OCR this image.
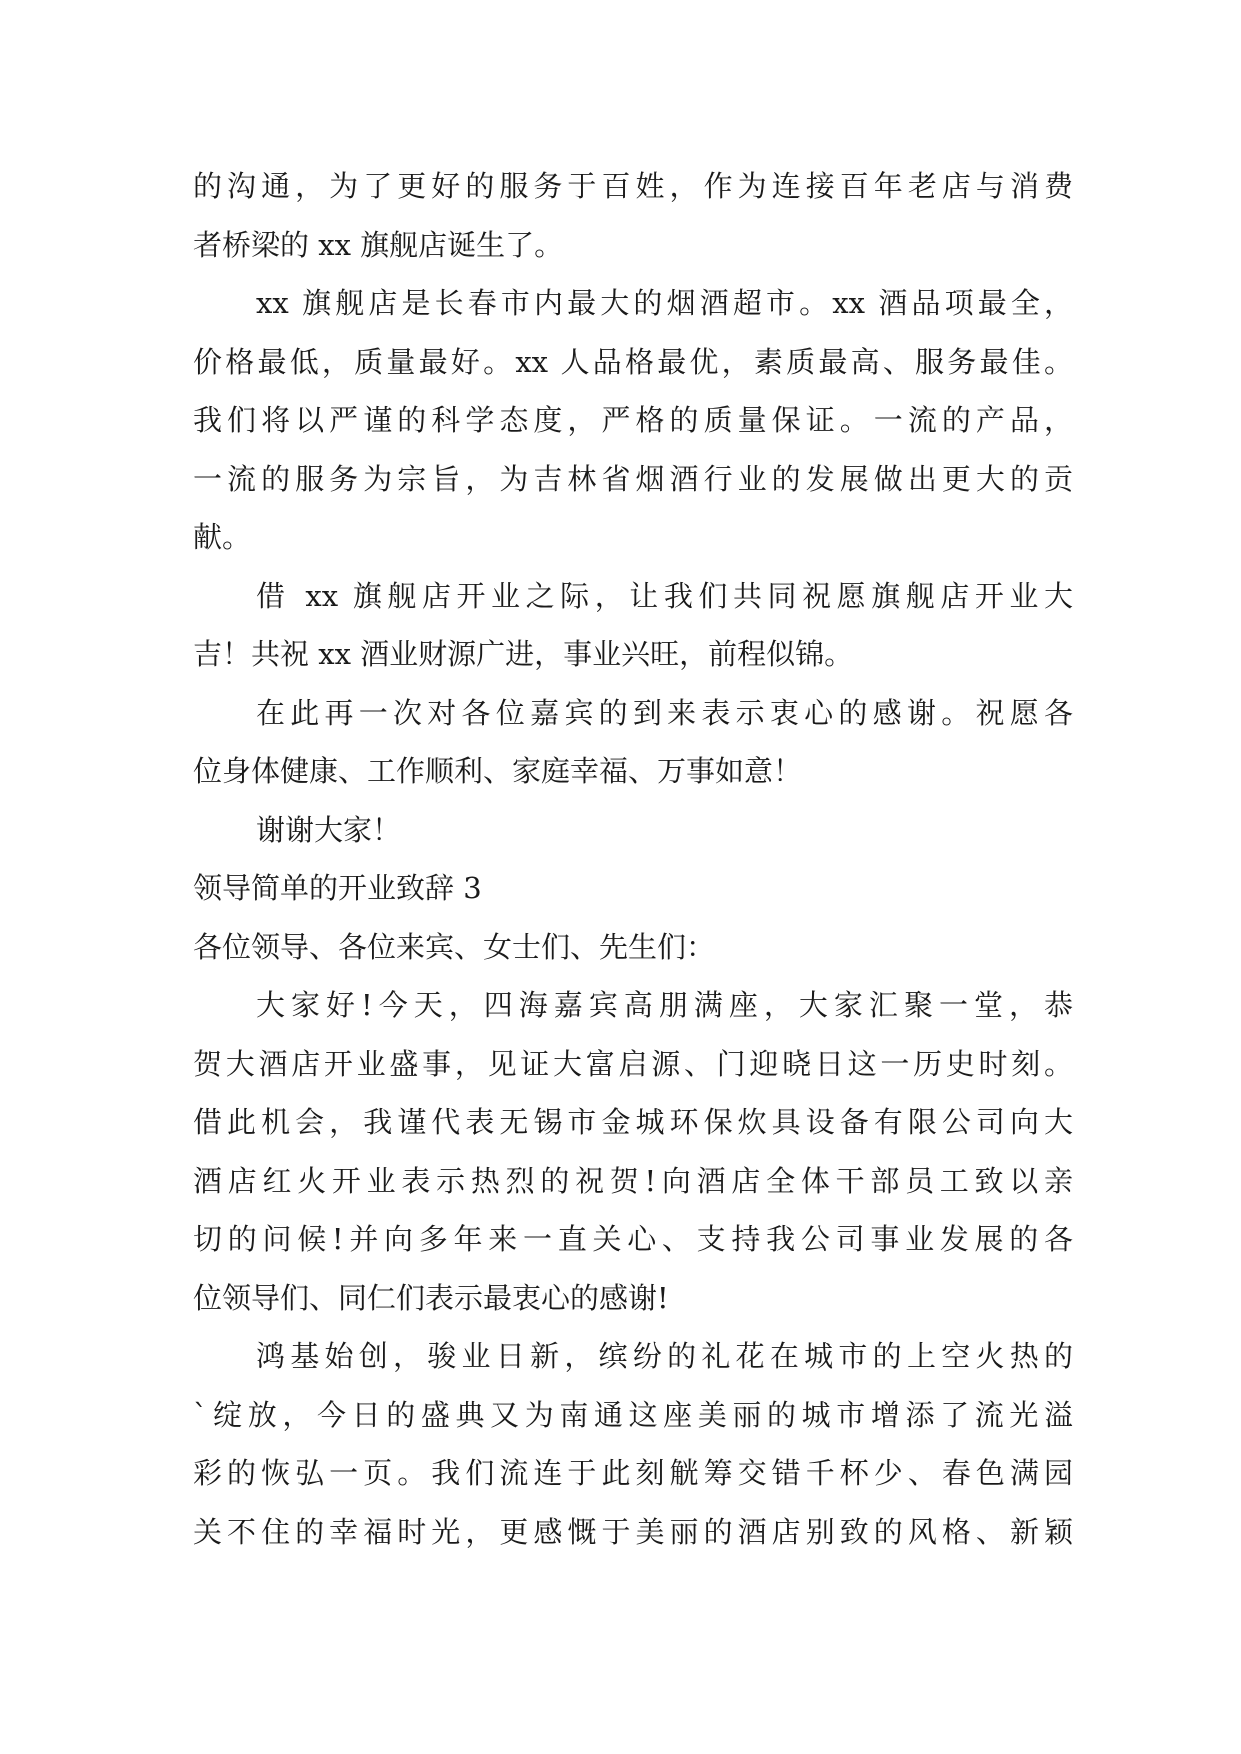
的沟通，为了更好的服务于百姓，作为连接百年老店与消费
者桥梁的 xx 旗舰店诞生了。
xx 旗舰店是长春市内最大的烟酒超市。xx 酒品项最全，
价格最低，质量最好。xx 人品格最优，素质最高、服务最佳。
我们将以严谨的科学态度，严格的质量保证。一流的产品，
一流的服务为宗旨，为吉林省烟酒行业的发展做出更大的贡
献。
借 xx 旗舰店开业之际，让我们共同祝愿旗舰店开业大
吉！共祝 xx 酒业财源广进，事业兴旺，前程似锦。
在此再一次对各位嘉宾的到来表示衷心的感谢。祝愿各
位身体健康、工作顺利、家庭幸福、万事如意！
谢谢大家！
领导简单的开业致辞 3
各位领导、各位来宾、女士们、先生们：
大家好!今天，四海嘉宾高朋满座，大家汇聚一堂，恭
贺大酒店开业盛事，见证大富启源、门迎晓日这一历史时刻。
借此机会，我谨代表无锡市金城环保炊具设备有限公司向大
酒店红火开业表示热烈的祝贺!向酒店全体干部员工致以亲
切的问候!并向多年来一直关心、支持我公司事业发展的各
位领导们、同仁们表示最衷心的感谢!
鸿基始创，骏业日新，缤纷的礼花在城市的上空火热的
`绽放，今日的盛典又为南通这座美丽的城市增添了流光溢
彩的恢弘一页。我们流连于此刻觥筹交错千杯少、春色满园
关不住的幸福时光，更感慨于美丽的酒店别致的风格、新颖
